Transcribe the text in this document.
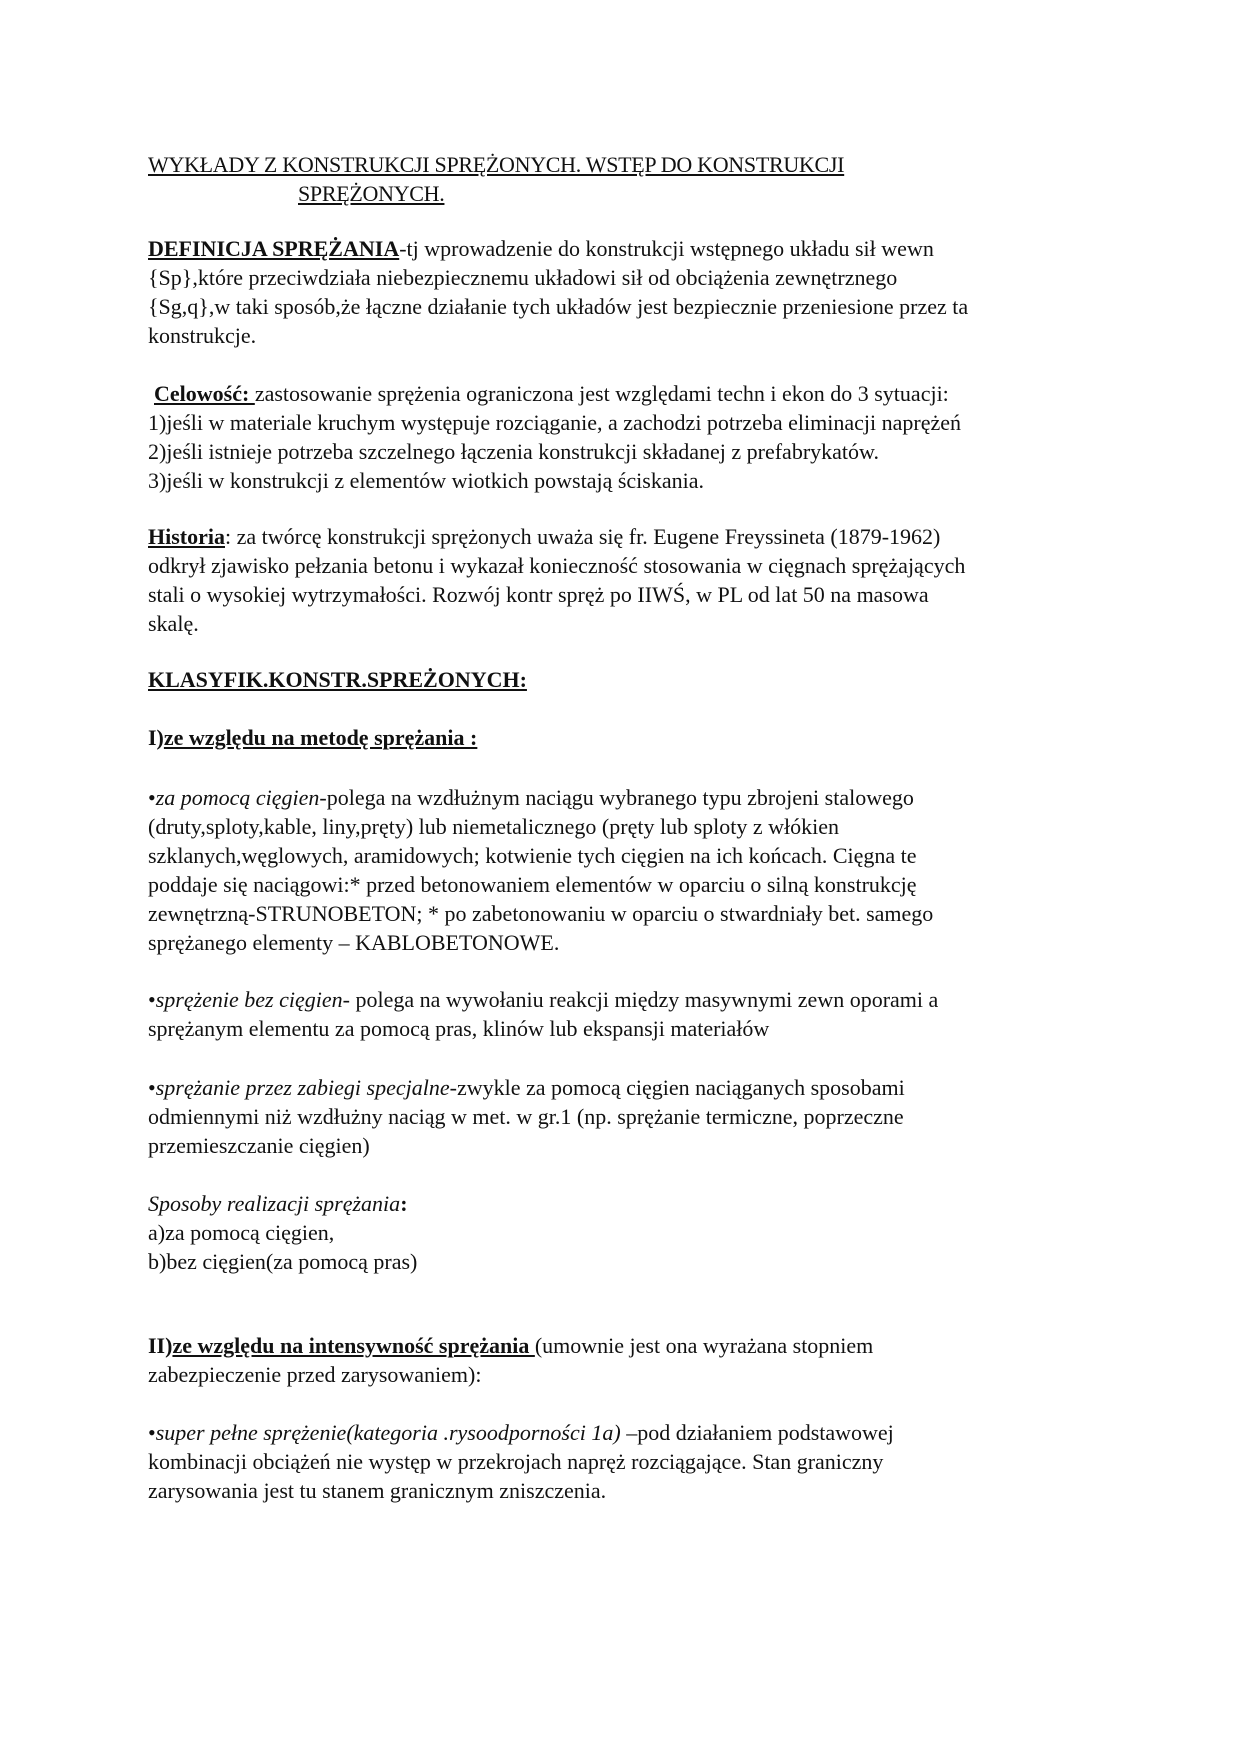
WYKŁADY Z KONSTRUKCJI SPRĘŻONYCH. WSTĘP DO KONSTRUKCJI
SPRĘŻONYCH.
DEFINICJA SPRĘŻANIA-tj wprowadzenie do konstrukcji wstępnego układu sił wewn
{Sp},które przeciwdziała niebezpiecznemu układowi sił od obciążenia zewnętrznego
{Sg,q},w taki sposób,że łączne działanie tych układów jest bezpiecznie przeniesione przez ta
konstrukcje.
Celowość: zastosowanie sprężenia ograniczona jest względami techn i ekon do 3 sytuacji:
1)jeśli w materiale kruchym występuje rozciąganie, a zachodzi potrzeba eliminacji naprężeń
2)jeśli istnieje potrzeba szczelnego łączenia konstrukcji składanej z prefabrykatów.
3)jeśli w konstrukcji z elementów wiotkich powstają ściskania.
Historia: za twórcę konstrukcji sprężonych uważa się fr. Eugene Freyssineta (1879-1962)
odkrył zjawisko pełzania betonu i wykazał konieczność stosowania w cięgnach sprężających
stali o wysokiej wytrzymałości. Rozwój kontr spręż po IIWŚ, w PL od lat 50 na masowa
skalę.
KLASYFIK.KONSTR.SPREŻONYCH:
I)ze względu na metodę sprężania :
•za pomocą cięgien-polega na wzdłużnym naciągu wybranego typu zbrojeni stalowego
(druty,sploty,kable, liny,pręty) lub niemetalicznego (pręty lub sploty z włókien
szklanych,węglowych, aramidowych; kotwienie tych cięgien na ich końcach. Cięgna te
poddaje się naciągowi:* przed betonowaniem elementów w oparciu o silną konstrukcję
zewnętrzną-STRUNOBETON; * po zabetonowaniu w oparciu o stwardniały bet. samego
sprężanego elementy – KABLOBETONOWE.
•sprężenie bez cięgien- polega na wywołaniu reakcji między masywnymi zewn oporami a
sprężanym elementu za pomocą pras, klinów lub ekspansji materiałów
•sprężanie przez zabiegi specjalne-zwykle za pomocą cięgien naciąganych sposobami
odmiennymi niż wzdłużny naciąg w met. w gr.1 (np. sprężanie termiczne, poprzeczne
przemieszczanie cięgien)
Sposoby realizacji sprężania:
a)za pomocą cięgien,
b)bez cięgien(za pomocą pras)
II)ze względu na intensywność sprężania (umownie jest ona wyrażana stopniem
zabezpieczenie przed zarysowaniem):
•super pełne sprężenie(kategoria .rysoodporności 1a) –pod działaniem podstawowej
kombinacji obciążeń nie występ w przekrojach napręż rozciągające. Stan graniczny
zarysowania jest tu stanem granicznym zniszczenia.
